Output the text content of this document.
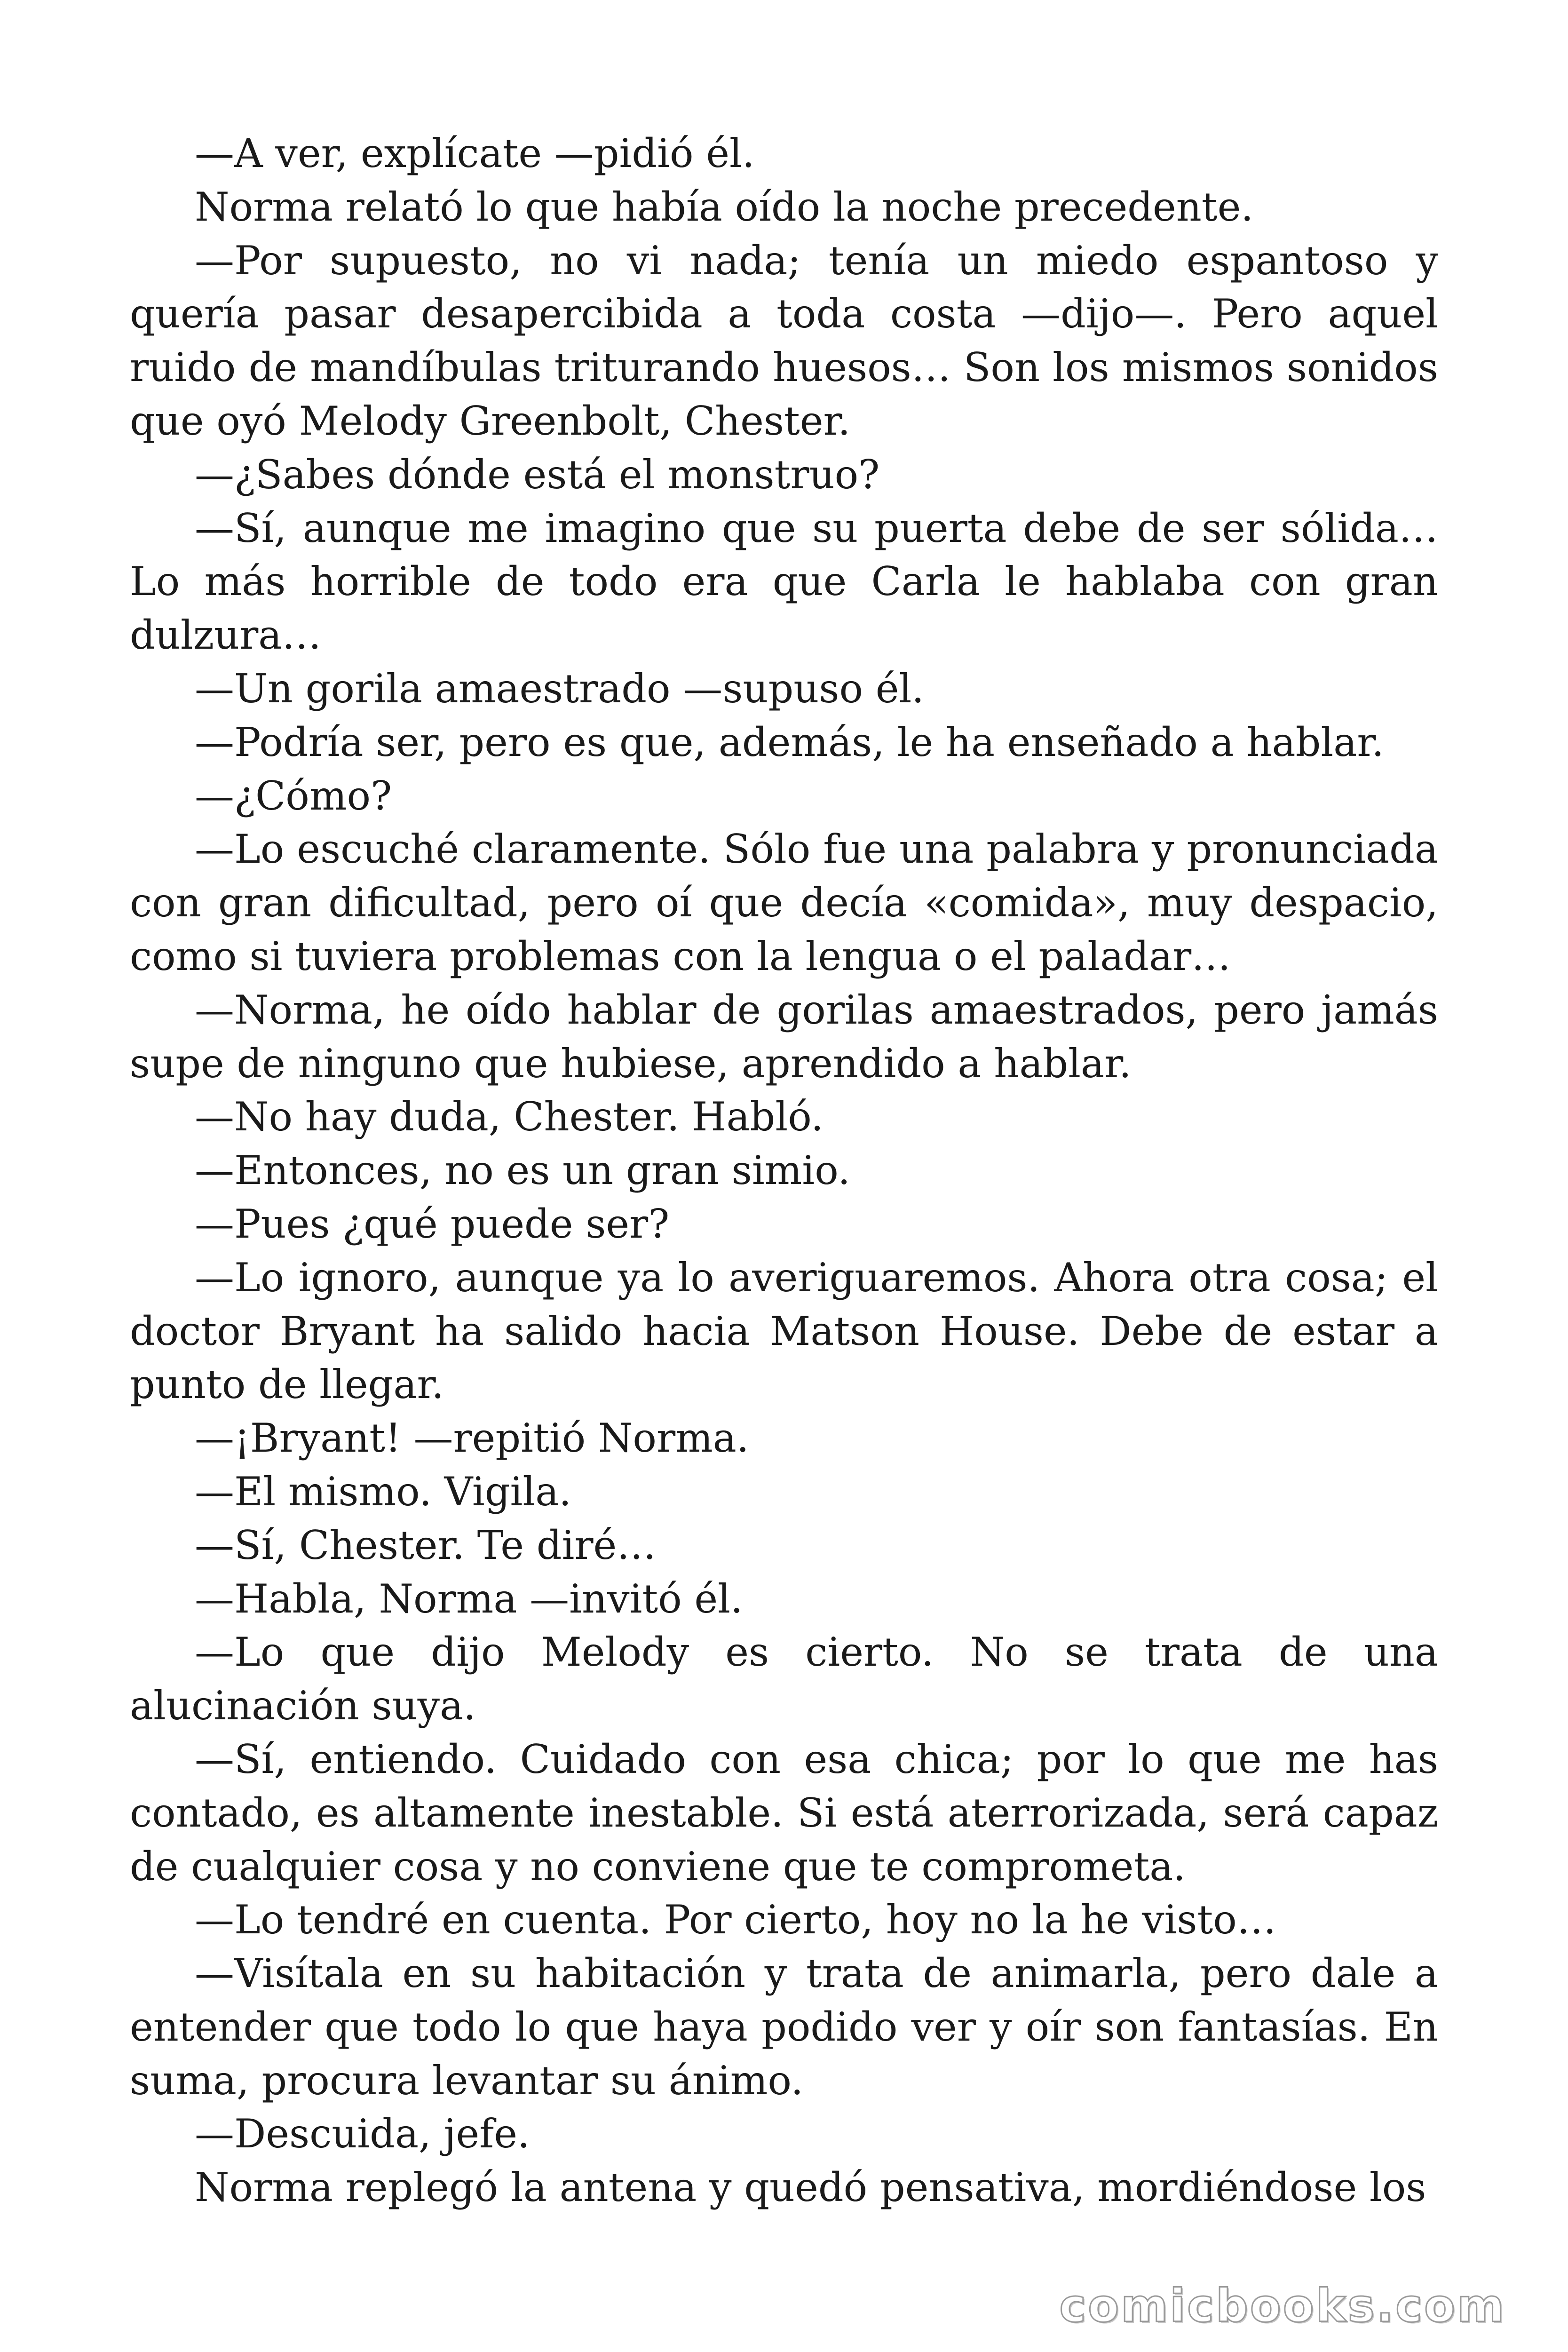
—A ver, explícate —pidió él.

Norma relató lo que había oído la noche precedente.

—Por supuesto, no vi nada; tenía un miedo espantoso y quería pasar desapercibida a toda costa —dijo—. Pero aquel ruido de mandíbulas triturando huesos… Son los mismos sonidos que oyó Melody Greenbolt, Chester.

—¿Sabes dónde está el monstruo?

—Sí, aunque me imagino que su puerta debe de ser sólida… Lo más horrible de todo era que Carla le hablaba con gran dulzura…

—Un gorila amaestrado —supuso él.

—Podría ser, pero es que, además, le ha enseñado a hablar.

—¿Cómo?

—Lo escuché claramente. Sólo fue una palabra y pronunciada con gran dificultad, pero oí que decía «comida», muy despacio, como si tuviera problemas con la lengua o el paladar…

—Norma, he oído hablar de gorilas amaestrados, pero jamás supe de ninguno que hubiese, aprendido a hablar.

—No hay duda, Chester. Habló.

—Entonces, no es un gran simio.

—Pues ¿qué puede ser?

—Lo ignoro, aunque ya lo averiguaremos. Ahora otra cosa; el doctor Bryant ha salido hacia Matson House. Debe de estar a punto de llegar.

—¡Bryant! —repitió Norma.

—El mismo. Vigila.

—Sí, Chester. Te diré…

—Habla, Norma —invitó él.

—Lo que dijo Melody es cierto. No se trata de una alucinación suya.

—Sí, entiendo. Cuidado con esa chica; por lo que me has contado, es altamente inestable. Si está aterrorizada, será capaz de cualquier cosa y no conviene que te comprometa.

—Lo tendré en cuenta. Por cierto, hoy no la he visto…

—Visítala en su habitación y trata de animarla, pero dale a entender que todo lo que haya podido ver y oír son fantasías. En suma, procura levantar su ánimo.

—Descuida, jefe.

Norma replegó la antena y quedó pensativa, mordiéndose los

comicbooks.com
